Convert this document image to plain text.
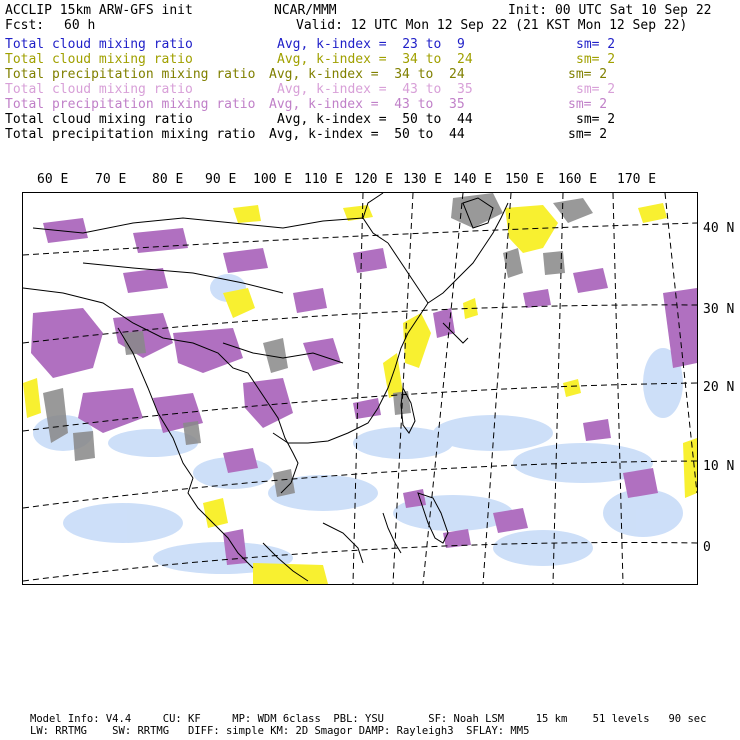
ACCLIP 15km ARW-GFS init	NCAR/MMM	Init: 00 UTC Sat 10 Sep 22
Fcst: 60 h	Valid: 12 UTC Mon 12 Sep 22 (21 KST Mon 12 Sep 22)
Total cloud mixing ratio	Avg, k-index =  23 to  9	sm= 2
Total cloud mixing ratio	Avg, k-index =  34 to  24	sm= 2
Total precipitation mixing ratio Avg, k-index =  34 to  24	sm= 2
Total cloud mixing ratio	Avg, k-index =  43 to  35	sm= 2
Total precipitation mixing ratio Avg, k-index =  43 to  35	sm= 2
Total cloud mixing ratio	Avg, k-index =  50 to  44	sm= 2
Total precipitation mixing ratio Avg, k-index =  50 to  44	sm= 2
60 E 70 E 80 E 90 E 100 E 110 E 120 E 130 E 140 E 150 E 160 E 170 E
40 N
30 N
20 N
10 N
0
Model Info: V4.4     CU: KF     MP: WDM 6class  PBL: YSU       SF: Noah LSM     15 km    51 levels   90 sec
LW: RRTMG    SW: RRTMG   DIFF: simple KM: 2D Smagor DAMP: Rayleigh3  SFLAY: MM5
